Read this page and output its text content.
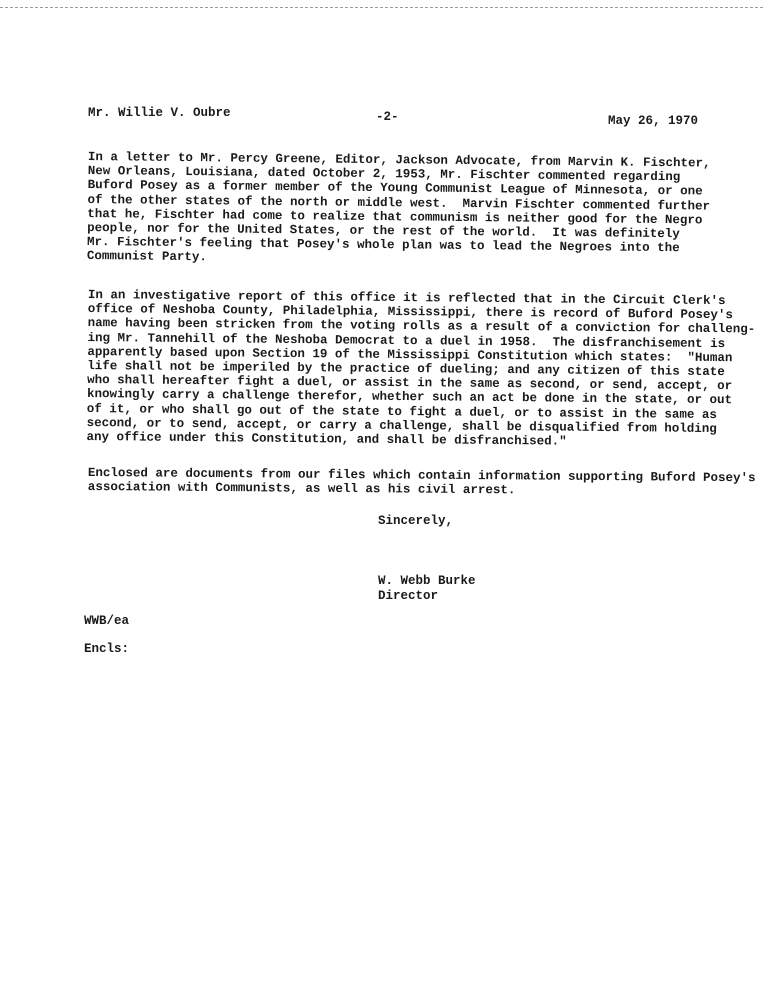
Mr. Willie V. Oubre	-2-	May 26, 1970

In a letter to Mr. Percy Greene, Editor, Jackson Advocate, from Marvin K. Fischter,
New Orleans, Louisiana, dated October 2, 1953, Mr. Fischter commented regarding
Buford Posey as a former member of the Young Communist League of Minnesota, or one
of the other states of the north or middle west.  Marvin Fischter commented further
that he, Fischter had come to realize that communism is neither good for the Negro
people, nor for the United States, or the rest of the world.  It was definitely
Mr. Fischter's feeling that Posey's whole plan was to lead the Negroes into the
Communist Party.

In an investigative report of this office it is reflected that in the Circuit Clerk's
office of Neshoba County, Philadelphia, Mississippi, there is record of Buford Posey's
name having been stricken from the voting rolls as a result of a conviction for challeng-
ing Mr. Tannehill of the Neshoba Democrat to a duel in 1958.  The disfranchisement is
apparently based upon Section 19 of the Mississippi Constitution which states:  "Human
life shall not be imperiled by the practice of dueling; and any citizen of this state
who shall hereafter fight a duel, or assist in the same as second, or send, accept, or
knowingly carry a challenge therefor, whether such an act be done in the state, or out
of it, or who shall go out of the state to fight a duel, or to assist in the same as
second, or to send, accept, or carry a challenge, shall be disqualified from holding
any office under this Constitution, and shall be disfranchised."

Enclosed are documents from our files which contain information supporting Buford Posey's
association with Communists, as well as his civil arrest.

Sincerely,
W. Webb Burke
Director
WWB/ea
Encls:
